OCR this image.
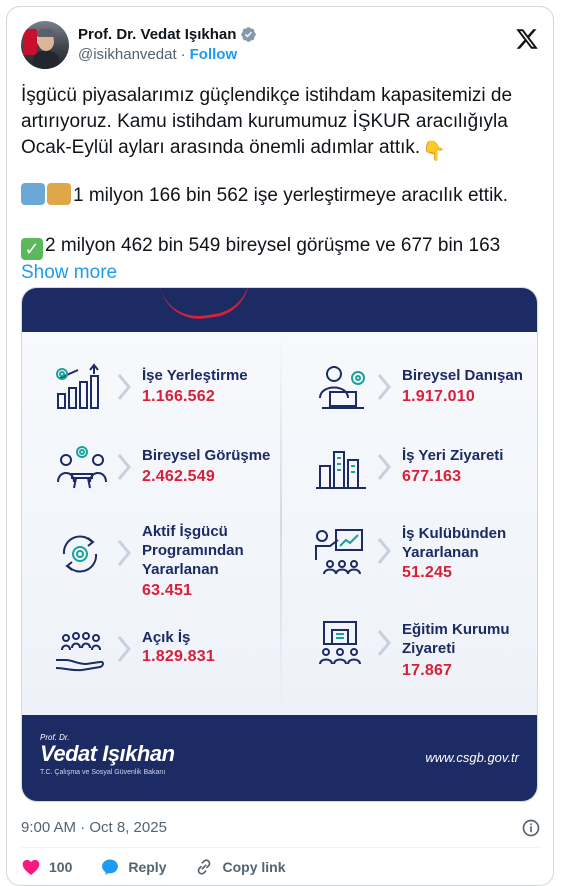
Prof. Dr. Vedat Işıkhan
@isikhanvedat · Follow

İşgücü piyasalarımız güçlendikçe istihdam kapasitemizi de artırıyoruz. Kamu istihdam kurumumuz İŞKUR aracılığıyla Ocak-Eylül ayları arasında önemli adımlar attık. 👇

1 milyon 166 bin 562 işe yerleştirmeye aracılık ettik.

✓ 2 milyon 462 bin 549 bireysel görüşme ve 677 bin 163 Show more

İşe Yerleştirme
1.166.562
Bireysel Görüşme
2.462.549
Aktif İşgücü
Programından
Yararlanan
63.451
Açık İş
1.829.831
Bireysel Danışan
1.917.010
İş Yeri Ziyareti
677.163
İş Kulübünden
Yararlanan
51.245
Eğitim Kurumu
Ziyareti
17.867
Prof. Dr.
Vedat Işıkhan
T.C. Çalışma ve Sosyal Güvenlik Bakanı
www.csgb.gov.tr
9:00 AM · Oct 8, 2025
100	Reply	Copy link
